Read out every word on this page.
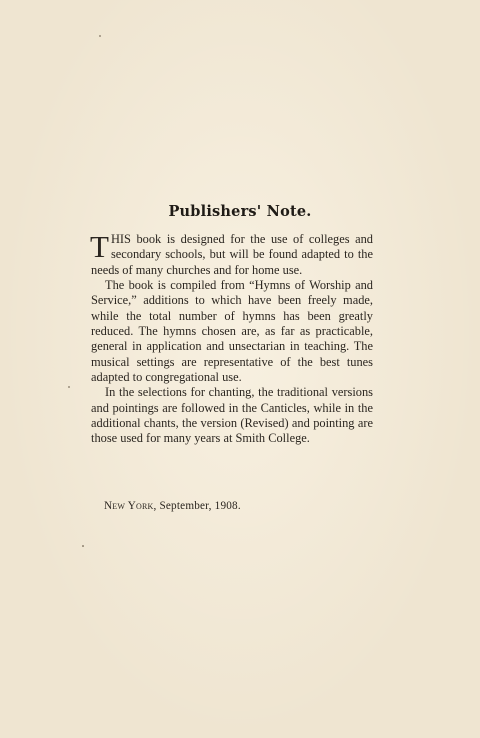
Publishers' Note.

THIS book is designed for the use of colleges and secondary schools, but will be found adapted to the needs of many churches and for home use.

The book is compiled from “Hymns of Worship and Service,” additions to which have been freely made, while the total number of hymns has been greatly reduced. The hymns chosen are, as far as practicable, general in application and unsectarian in teaching. The musical settings are representative of the best tunes adapted to congregational use.

In the selections for chanting, the traditional versions and pointings are followed in the Canticles, while in the additional chants, the version (Revised) and pointing are those used for many years at Smith College.

New York, September, 1908.
